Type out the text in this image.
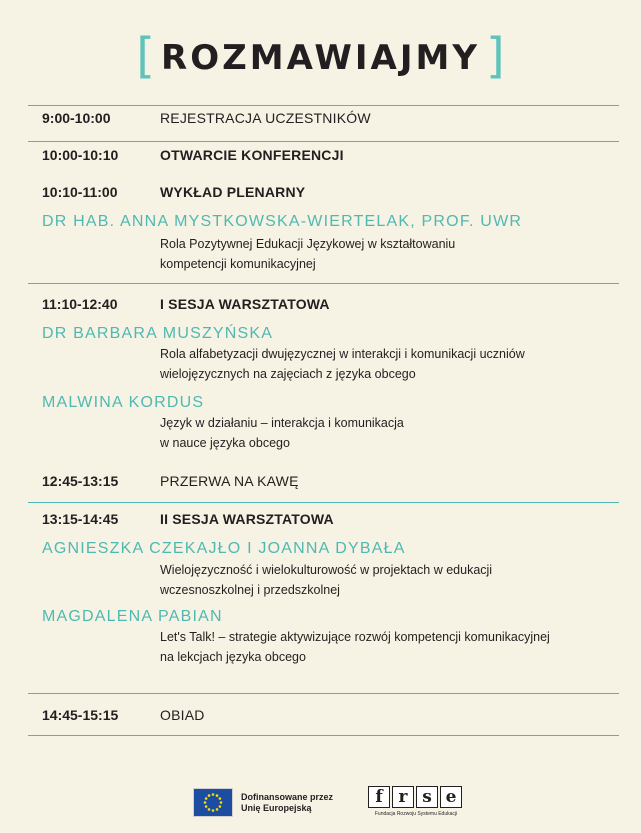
[ ROZMAWIAJMY ]
9:00-10:00	REJESTRACJA UCZESTNIKÓW
10:00-10:10	OTWARCIE KONFERENCJI
10:10-11:00	WYKŁAD PLENARNY
DR HAB. ANNA MYSTKOWSKA-WIERTELAK, PROF. UWR
Rola Pozytywnej Edukacji Językowej w kształtowaniu
kompetencji komunikacyjnej
11:10-12:40	I SESJA WARSZTATOWA
DR BARBARA MUSZYŃSKA
Rola alfabetyzacji dwujęzycznej w interakcji i komunikacji uczniów
wielojęzycznych na zajęciach z języka obcego
MALWINA KORDUS
Język w działaniu – interakcja i komunikacja
w nauce języka obcego
12:45-13:15	PRZERWA NA KAWĘ
13:15-14:45	II SESJA WARSZTATOWA
AGNIESZKA CZEKAJŁO I JOANNA DYBAŁA
Wielojęzyczność i wielokulturowość w projektach w edukacji
wczesnoszkolnej i przedszkolnej
MAGDALENA PABIAN
Let's Talk! – strategie aktywizujące rozwój kompetencji komunikacyjnej
na lekcjach języka obcego
14:45-15:15	OBIAD
Dofinansowane przez
Unię Europejską
f r s e
Fundacja Rozwoju Systemu Edukacji
